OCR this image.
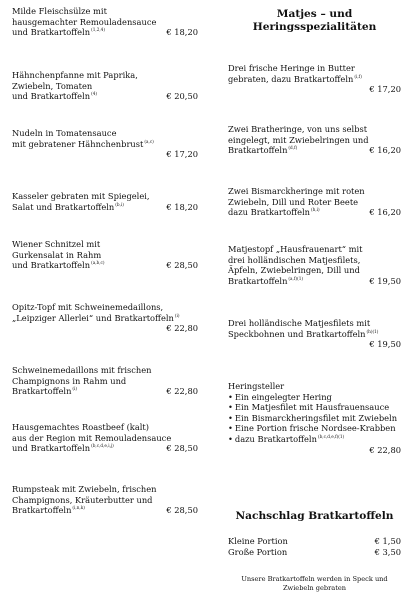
Milde Fleischsülze mit
hausgemachter Remouladensauce
und Bratkartoffeln$^{(1,2,4)}$	€ 18,20
Hähnchenpfanne mit Paprika,
Zwiebeln, Tomaten
und Bratkartoffeln$^{(4)}$	€ 20,50
Nudeln in Tomatensauce
mit gebratener Hähnchenbrust$^{(a,c)}$
€ 17,20
Kasseler gebraten mit Spiegelei,
Salat und Bratkartoffeln$^{(b,i)}$	€ 18,20
Wiener Schnitzel mit
Gurkensalat in Rahm
und Bratkartoffeln$^{(a,b,c)}$	€ 28,50
Opitz-Topf mit Schweinemedaillons,
„Leipziger Allerlei“ und Bratkartoffeln$^{(i)}$
€ 22,80
Schweinemedaillons mit frischen
Champignons in Rahm und
Bratkartoffeln$^{(i)}$	€ 22,80
Hausgemachtes Roastbeef (kalt)
aus der Region mit Remouladensauce
und Bratkartoffeln$^{(b,c,d,e,i,j)}$	€ 28,50
Rumpsteak mit Zwiebeln, frischen
Champignons, Kräuterbutter und
Bratkartoffeln$^{(i,n,k)}$	€ 28,50
Matjes – und
Heringsspezialitäten
Heringsteller
• Ein eingelegter Hering
• Ein Matjesfilet mit Hausfrauensauce
• Ein Bismarckheringsfilet mit Zwiebeln
• Eine Portion frische Nordsee-Krabben
• dazu Bratkartoffeln$^{(b,c,d,e,f)(1)}$
€ 22,80
Nachschlag Bratkartoffeln
Kleine Portion	€ 1,50
Große Portion	€ 3,50
Unsere Bratkartoffeln werden in Speck und
Zwiebeln gebraten
Drei frische Heringe in Butter
gebraten, dazu Bratkartoffeln$^{(i,f)}$
€ 17,20
Zwei Bratheringe, von uns selbst
eingelegt, mit Zwiebelringen und
Bratkartoffeln$^{(d,f)}$	€ 16,20
Zwei Bismarckheringe mit roten
Zwiebeln, Dill und Roter Beete
dazu Bratkartoffeln$^{(h,i)}$	€ 16,20
Matjestopf „Hausfrauenart“ mit
drei holländischen Matjesfilets,
Äpfeln, Zwiebelringen, Dill und
Bratkartoffeln$^{(a,f)(1)}$	€ 19,50
Drei holländische Matjesfilets mit
Speckbohnen und Bratkartoffeln$^{(h)(1)}$
€ 19,50
